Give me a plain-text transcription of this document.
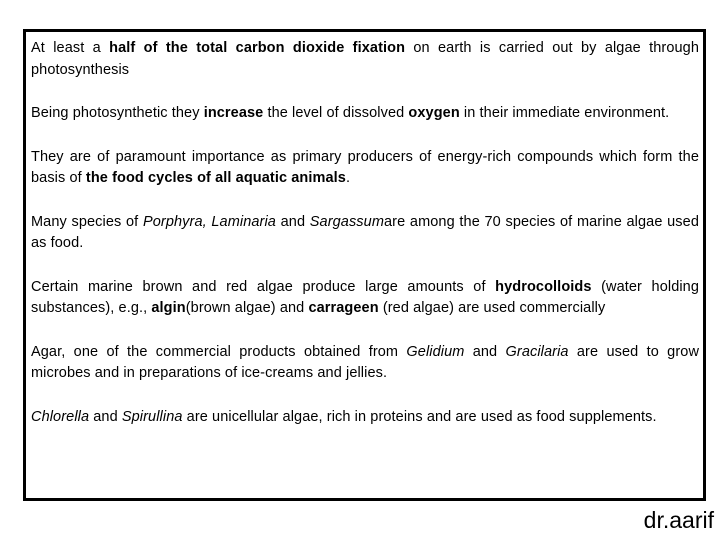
At least a half of the total carbon dioxide fixation on earth is carried out by algae through photosynthesis

Being photosynthetic they increase the level of dissolved oxygen in their immediate environment.

They are of paramount importance as primary producers of energy-rich compounds which form the basis of the food cycles of all aquatic animals.

Many species of Porphyra, Laminaria and Sargassumare among the 70 species of marine algae used as food.

Certain marine brown and red algae produce large amounts of hydrocolloids (water holding substances), e.g., algin(brown algae) and carrageen (red algae) are used commercially

Agar, one of the commercial products obtained from Gelidium and Gracilaria are used to grow microbes and in preparations of ice-creams and jellies.

Chlorella and Spirullina are unicellular algae, rich in proteins and are used as food supplements.

dr.aarif
